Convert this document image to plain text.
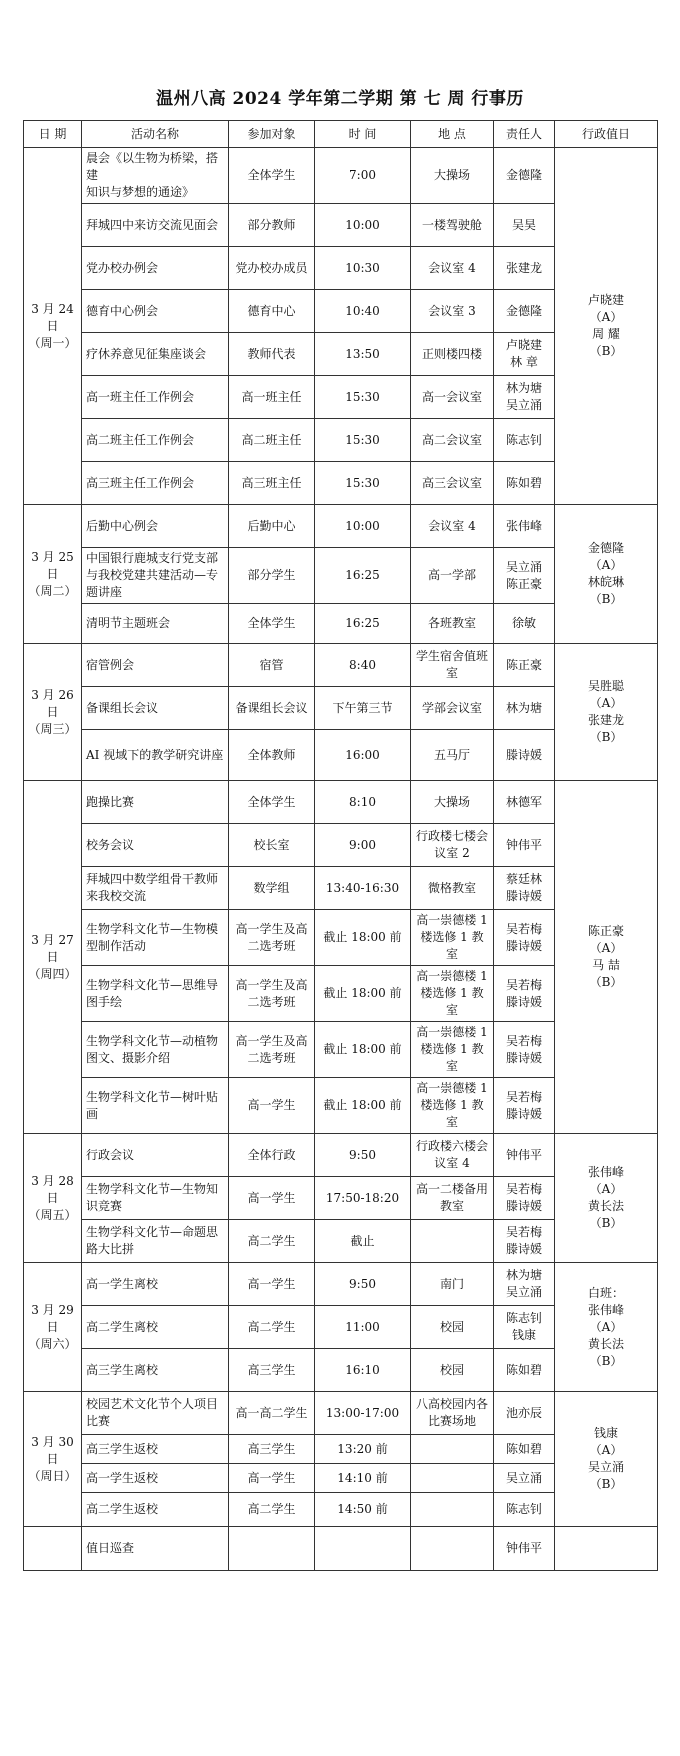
温州八高 2024 学年第二学期 第 七 周 行事历
日 期	活动名称	参加对象	时 间	地 点	责任人	行政值日

3 月 24 日
（周一）	晨会《以生物为桥梁，搭建
知识与梦想的通途》	全体学生	7:00	大操场	金德隆	卢晓建
（A）
周 耀
（B）

	拜城四中来访交流见面会	部分教师	10:00	一楼驾驶舱	吴昊	

	党办校办例会	党办校办成员	10:30	会议室 4	张建龙	

	德育中心例会	德育中心	10:40	会议室 3	金德隆	

	疗休养意见征集座谈会	教师代表	13:50	正则楼四楼	卢晓建
林 章	

	高一班主任工作例会	高一班主任	15:30	高一会议室	林为塘
吴立涌	

	高二班主任工作例会	高二班主任	15:30	高二会议室	陈志钊	

	高三班主任工作例会	高三班主任	15:30	高三会议室	陈如碧	

3 月 25 日
（周二）	后勤中心例会	后勤中心	10:00	会议室 4	张伟峰	金德隆
（A）
林皖琳
（B）

	中国银行鹿城支行党支部
与我校党建共建活动—专
题讲座	部分学生	16:25	高一学部	吴立涌
陈正豪	

	清明节主题班会	全体学生	16:25	各班教室	徐敏	

3 月 26 日
（周三）	宿管例会	宿管	8:40	学生宿舍值班
室	陈正豪	吴胜聪
（A）
张建龙
（B）

	备课组长会议	备课组长会议	下午第三节	学部会议室	林为塘	

	AI 视域下的教学研究讲座	全体教师	16:00	五马厅	滕诗媛	

3 月 27 日
（周四）	跑操比赛	全体学生	8:10	大操场	林德军	陈正豪
（A）
马 喆
（B）

	校务会议	校长室	9:00	行政楼七楼会
议室 2	钟伟平	

	拜城四中数学组骨干教师
来我校交流	数学组	13:40-16:30	微格教室	蔡廷林
滕诗媛	

	生物学科文化节—生物模
型制作活动	高一学生及高
二选考班	截止 18:00 前	高一崇德楼 1
楼选修 1 教室	吴若梅
滕诗媛	

	生物学科文化节—思维导
图手绘	高一学生及高
二选考班	截止 18:00 前	高一崇德楼 1
楼选修 1 教室	吴若梅
滕诗媛	

	生物学科文化节—动植物
图文、摄影介绍	高一学生及高
二选考班	截止 18:00 前	高一崇德楼 1
楼选修 1 教室	吴若梅
滕诗媛	

	生物学科文化节—树叶贴
画	高一学生	截止 18:00 前	高一崇德楼 1
楼选修 1 教室	吴若梅
滕诗媛	

3 月 28 日
（周五）	行政会议	全体行政	9:50	行政楼六楼会
议室 4	钟伟平	张伟峰
（A）
黄长法
（B）

	生物学科文化节—生物知
识竞赛	高一学生	17:50-18:20	高一二楼备用
教室	吴若梅
滕诗媛	

	生物学科文化节—命题思
路大比拼	高二学生	截止		吴若梅
滕诗媛	

3 月 29 日
（周六）	高一学生离校	高一学生	9:50	南门	林为塘
吴立涌	白班：
张伟峰
（A）
黄长法
（B）

	高二学生离校	高二学生	11:00	校园	陈志钊
钱康	

	高三学生离校	高三学生	16:10	校园	陈如碧	

3 月 30 日
（周日）	校园艺术文化节个人项目
比赛	高一高二学生	13:00-17:00	八高校园内各
比赛场地	池亦辰	钱康
（A）
吴立涌
（B）

	高三学生返校	高三学生	13:20 前		陈如碧	

	高一学生返校	高一学生	14:10 前		吴立涌	

	高二学生返校	高二学生	14:50 前		陈志钊	

	值日巡查				钟伟平	
